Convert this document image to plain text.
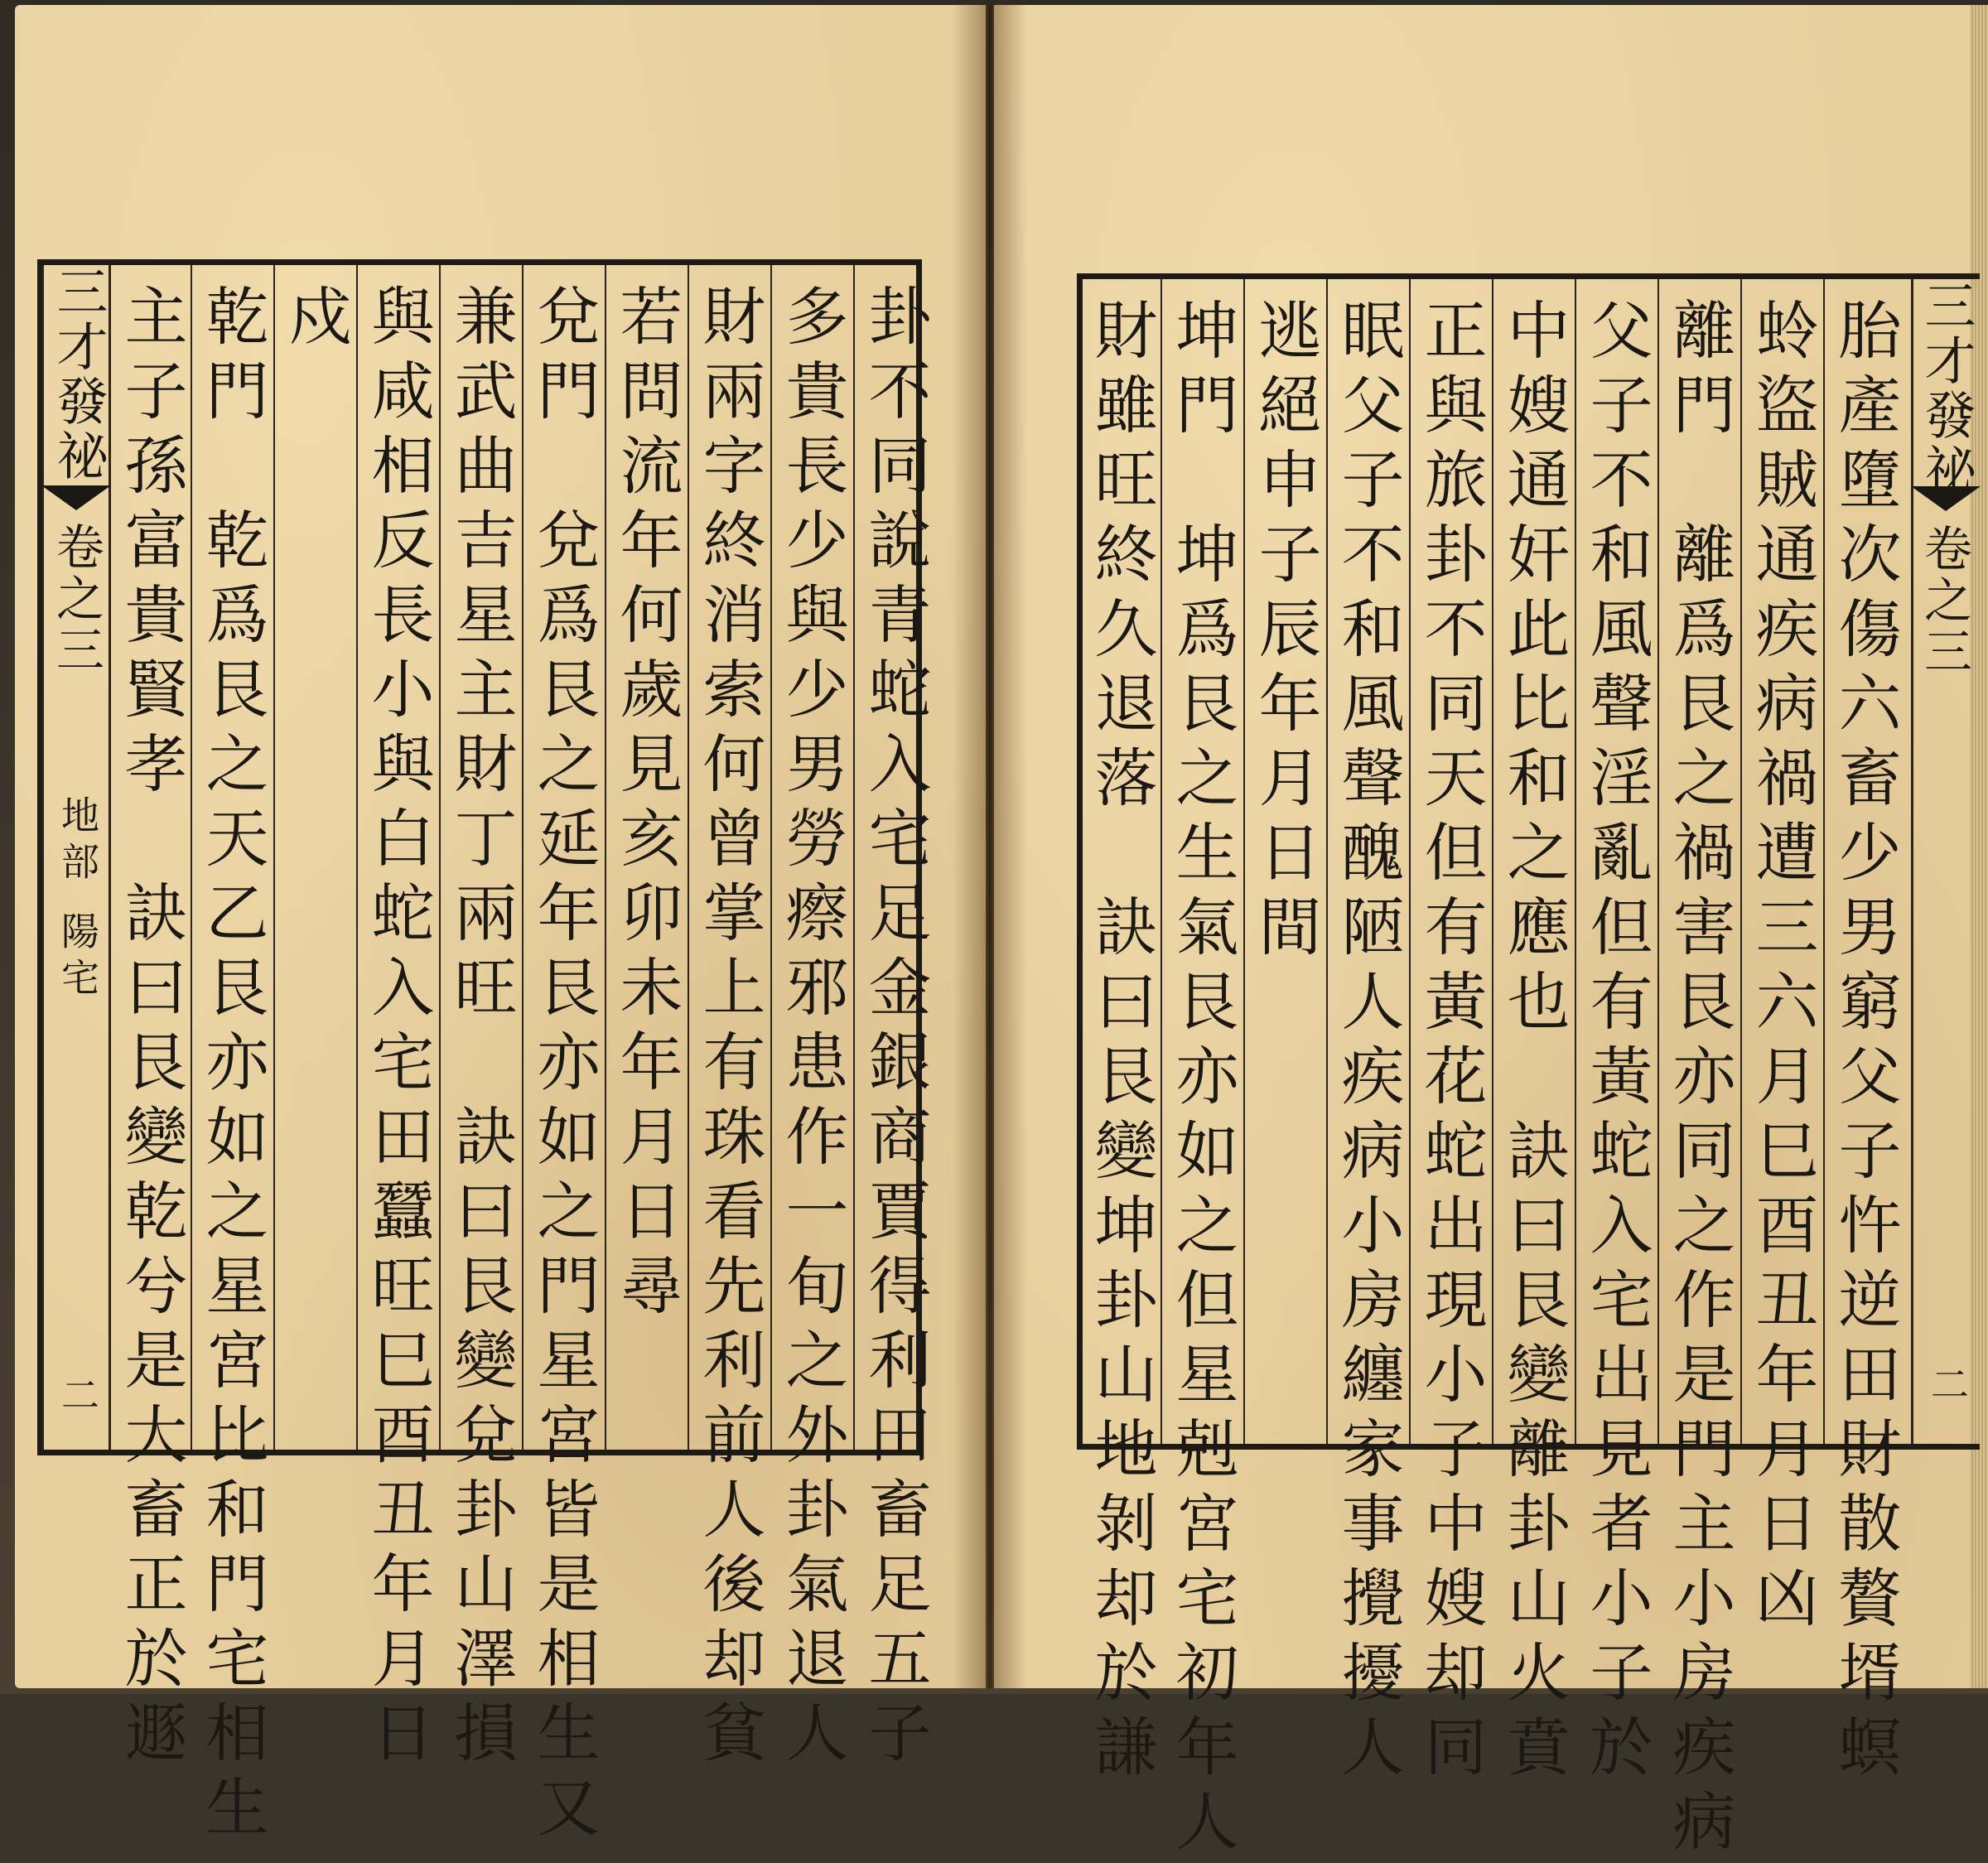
三才發祕
卷之三
地部
陽宅
二	卦不同說青蛇入宅足金銀商賈得利田畜足五子
多貴長少與少男勞瘵邪患作一旬之外卦氣退人
財兩字終消索何曾掌上有珠看先利前人後却貧
若問流年何歲見亥卯未年月日尋
兌門　兌爲艮之延年艮亦如之門星宮皆是相生又
兼武曲吉星主財丁兩旺　訣曰艮變兌卦山澤損
與咸相反長小與白蛇入宅田蠶旺巳酉丑年月日
戍
乾門　乾爲艮之天乙艮亦如之星宮比和門宅相生
主子孫富貴賢孝　訣曰艮變乾兮是大畜正於遯	胎產墮次傷六畜少男窮父子忤逆田財散贅壻螟
蛉盜賊通疾病禍遭三六月巳酉丑年月日凶
離門　離爲艮之禍害艮亦同之作是門主小房疾病
父子不和風聲淫亂但有黃蛇入宅出見者小子於
中嫂通奸此比和之應也　訣曰艮變離卦山火賁
正與旅卦不同天但有黃花蛇出現小子中嫂却同
眠父子不和風聲醜陋人疾病小房纏家事攪擾人
逃絕申子辰年月日間
坤門　坤爲艮之生氣艮亦如之但星剋宮宅初年人
財雖旺終久退落　訣曰艮變坤卦山地剝却於謙	三才發祕
卷之三
二
